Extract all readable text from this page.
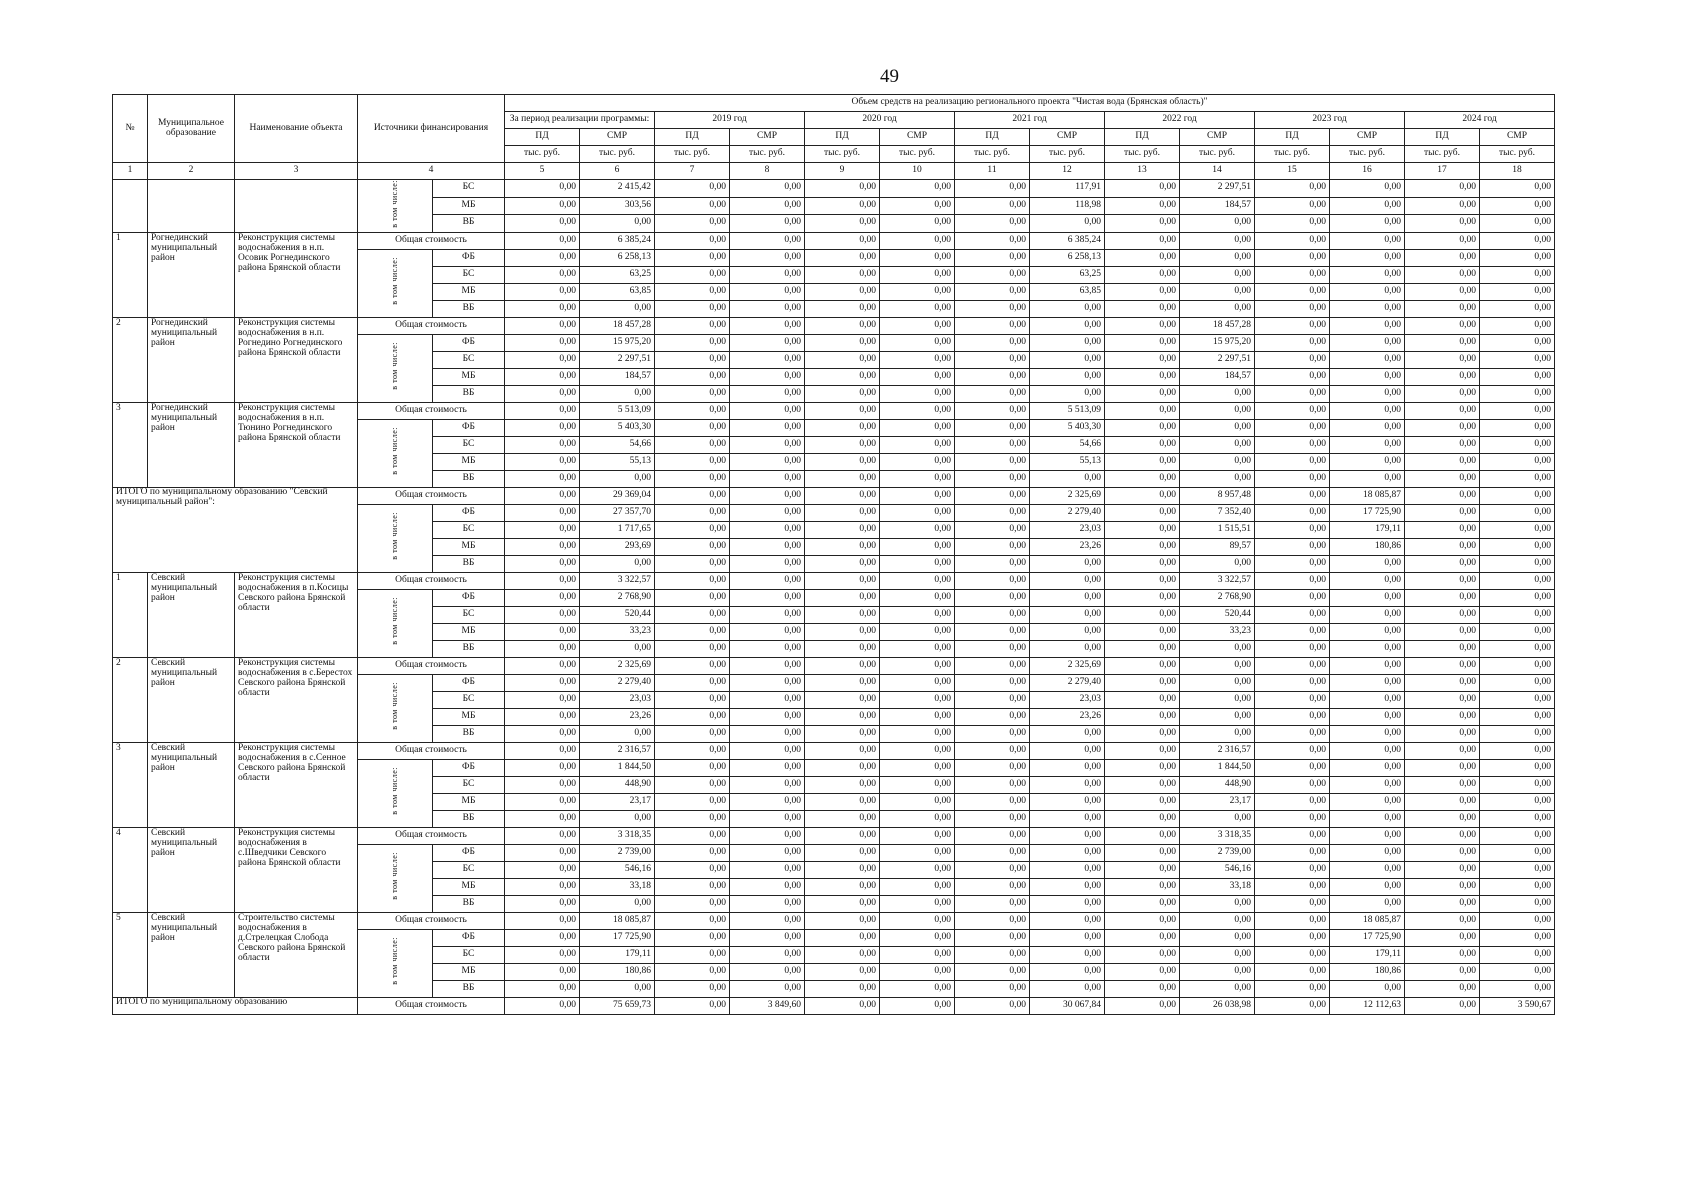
49
№	Муниципальное образование	Наименование объекта	Источники финансирования		Объем средств на реализацию регионального проекта "Чистая вода (Брянская область)"													
					За период реализации программы:		2019 год		2020 год		2021 год		2022 год		2023 год		2024 год	
					ПД	СМР	ПД	СМР	ПД	СМР	ПД	СМР	ПД	СМР	ПД	СМР	ПД	СМР
					тыс. руб.	тыс. руб.	тыс. руб.	тыс. руб.	тыс. руб.	тыс. руб.	тыс. руб.	тыс. руб.	тыс. руб.	тыс. руб.	тыс. руб.	тыс. руб.	тыс. руб.	тыс. руб.
1	2	3	4		5	6	7	8	9	10	11	12	13	14	15	16	17	18
			в том числе:	БС	0,00	2 415,42	0,00	0,00	0,00	0,00	0,00	117,91	0,00	2 297,51	0,00	0,00	0,00	0,00
				МБ	0,00	303,56	0,00	0,00	0,00	0,00	0,00	118,98	0,00	184,57	0,00	0,00	0,00	0,00
				ВБ	0,00	0,00	0,00	0,00	0,00	0,00	0,00	0,00	0,00	0,00	0,00	0,00	0,00	0,00
1	Рогнединский муниципальный район	Реконструкция системы водоснабжения в н.п. Осовик Рогнединского района Брянской области	Общая стоимость		0,00	6 385,24	0,00	0,00	0,00	0,00	0,00	6 385,24	0,00	0,00	0,00	0,00	0,00	0,00
			в том числе:	ФБ	0,00	6 258,13	0,00	0,00	0,00	0,00	0,00	6 258,13	0,00	0,00	0,00	0,00	0,00	0,00
				БС	0,00	63,25	0,00	0,00	0,00	0,00	0,00	63,25	0,00	0,00	0,00	0,00	0,00	0,00
				МБ	0,00	63,85	0,00	0,00	0,00	0,00	0,00	63,85	0,00	0,00	0,00	0,00	0,00	0,00
				ВБ	0,00	0,00	0,00	0,00	0,00	0,00	0,00	0,00	0,00	0,00	0,00	0,00	0,00	0,00
2	Рогнединский муниципальный район	Реконструкция системы водоснабжения в н.п. Рогнедино Рогнединского района Брянской области	Общая стоимость		0,00	18 457,28	0,00	0,00	0,00	0,00	0,00	0,00	0,00	18 457,28	0,00	0,00	0,00	0,00
			в том числе:	ФБ	0,00	15 975,20	0,00	0,00	0,00	0,00	0,00	0,00	0,00	15 975,20	0,00	0,00	0,00	0,00
				БС	0,00	2 297,51	0,00	0,00	0,00	0,00	0,00	0,00	0,00	2 297,51	0,00	0,00	0,00	0,00
				МБ	0,00	184,57	0,00	0,00	0,00	0,00	0,00	0,00	0,00	184,57	0,00	0,00	0,00	0,00
				ВБ	0,00	0,00	0,00	0,00	0,00	0,00	0,00	0,00	0,00	0,00	0,00	0,00	0,00	0,00
3	Рогнединский муниципальный район	Реконструкция системы водоснабжения в н.п. Тюнино Рогнединского района Брянской области	Общая стоимость		0,00	5 513,09	0,00	0,00	0,00	0,00	0,00	5 513,09	0,00	0,00	0,00	0,00	0,00	0,00
			в том числе:	ФБ	0,00	5 403,30	0,00	0,00	0,00	0,00	0,00	5 403,30	0,00	0,00	0,00	0,00	0,00	0,00
				БС	0,00	54,66	0,00	0,00	0,00	0,00	0,00	54,66	0,00	0,00	0,00	0,00	0,00	0,00
				МБ	0,00	55,13	0,00	0,00	0,00	0,00	0,00	55,13	0,00	0,00	0,00	0,00	0,00	0,00
				ВБ	0,00	0,00	0,00	0,00	0,00	0,00	0,00	0,00	0,00	0,00	0,00	0,00	0,00	0,00
ИТОГО по муниципальному образованию "Севский муниципальный район":			Общая стоимость		0,00	29 369,04	0,00	0,00	0,00	0,00	0,00	2 325,69	0,00	8 957,48	0,00	18 085,87	0,00	0,00
			в том числе:	ФБ	0,00	27 357,70	0,00	0,00	0,00	0,00	0,00	2 279,40	0,00	7 352,40	0,00	17 725,90	0,00	0,00
				БС	0,00	1 717,65	0,00	0,00	0,00	0,00	0,00	23,03	0,00	1 515,51	0,00	179,11	0,00	0,00
				МБ	0,00	293,69	0,00	0,00	0,00	0,00	0,00	23,26	0,00	89,57	0,00	180,86	0,00	0,00
				ВБ	0,00	0,00	0,00	0,00	0,00	0,00	0,00	0,00	0,00	0,00	0,00	0,00	0,00	0,00
1	Севский муниципальный район	Реконструкция системы водоснабжения в п.Косицы Севского района Брянской области	Общая стоимость		0,00	3 322,57	0,00	0,00	0,00	0,00	0,00	0,00	0,00	3 322,57	0,00	0,00	0,00	0,00
			в том числе:	ФБ	0,00	2 768,90	0,00	0,00	0,00	0,00	0,00	0,00	0,00	2 768,90	0,00	0,00	0,00	0,00
				БС	0,00	520,44	0,00	0,00	0,00	0,00	0,00	0,00	0,00	520,44	0,00	0,00	0,00	0,00
				МБ	0,00	33,23	0,00	0,00	0,00	0,00	0,00	0,00	0,00	33,23	0,00	0,00	0,00	0,00
				ВБ	0,00	0,00	0,00	0,00	0,00	0,00	0,00	0,00	0,00	0,00	0,00	0,00	0,00	0,00
2	Севский муниципальный район	Реконструкция системы водоснабжения в с.Берестох Севского района Брянской области	Общая стоимость		0,00	2 325,69	0,00	0,00	0,00	0,00	0,00	2 325,69	0,00	0,00	0,00	0,00	0,00	0,00
			в том числе:	ФБ	0,00	2 279,40	0,00	0,00	0,00	0,00	0,00	2 279,40	0,00	0,00	0,00	0,00	0,00	0,00
				БС	0,00	23,03	0,00	0,00	0,00	0,00	0,00	23,03	0,00	0,00	0,00	0,00	0,00	0,00
				МБ	0,00	23,26	0,00	0,00	0,00	0,00	0,00	23,26	0,00	0,00	0,00	0,00	0,00	0,00
				ВБ	0,00	0,00	0,00	0,00	0,00	0,00	0,00	0,00	0,00	0,00	0,00	0,00	0,00	0,00
3	Севский муниципальный район	Реконструкция системы водоснабжения в с.Сенное Севского района Брянской области	Общая стоимость		0,00	2 316,57	0,00	0,00	0,00	0,00	0,00	0,00	0,00	2 316,57	0,00	0,00	0,00	0,00
			в том числе:	ФБ	0,00	1 844,50	0,00	0,00	0,00	0,00	0,00	0,00	0,00	1 844,50	0,00	0,00	0,00	0,00
				БС	0,00	448,90	0,00	0,00	0,00	0,00	0,00	0,00	0,00	448,90	0,00	0,00	0,00	0,00
				МБ	0,00	23,17	0,00	0,00	0,00	0,00	0,00	0,00	0,00	23,17	0,00	0,00	0,00	0,00
				ВБ	0,00	0,00	0,00	0,00	0,00	0,00	0,00	0,00	0,00	0,00	0,00	0,00	0,00	0,00
4	Севский муниципальный район	Реконструкция системы водоснабжения в с.Шведчики Севского района Брянской области	Общая стоимость		0,00	3 318,35	0,00	0,00	0,00	0,00	0,00	0,00	0,00	3 318,35	0,00	0,00	0,00	0,00
			в том числе:	ФБ	0,00	2 739,00	0,00	0,00	0,00	0,00	0,00	0,00	0,00	2 739,00	0,00	0,00	0,00	0,00
				БС	0,00	546,16	0,00	0,00	0,00	0,00	0,00	0,00	0,00	546,16	0,00	0,00	0,00	0,00
				МБ	0,00	33,18	0,00	0,00	0,00	0,00	0,00	0,00	0,00	33,18	0,00	0,00	0,00	0,00
				ВБ	0,00	0,00	0,00	0,00	0,00	0,00	0,00	0,00	0,00	0,00	0,00	0,00	0,00	0,00
5	Севский муниципальный район	Строительство системы водоснабжения в д.Стрелецкая Слобода Севского района Брянской области	Общая стоимость		0,00	18 085,87	0,00	0,00	0,00	0,00	0,00	0,00	0,00	0,00	0,00	18 085,87	0,00	0,00
			в том числе:	ФБ	0,00	17 725,90	0,00	0,00	0,00	0,00	0,00	0,00	0,00	0,00	0,00	17 725,90	0,00	0,00
				БС	0,00	179,11	0,00	0,00	0,00	0,00	0,00	0,00	0,00	0,00	0,00	179,11	0,00	0,00
				МБ	0,00	180,86	0,00	0,00	0,00	0,00	0,00	0,00	0,00	0,00	0,00	180,86	0,00	0,00
				ВБ	0,00	0,00	0,00	0,00	0,00	0,00	0,00	0,00	0,00	0,00	0,00	0,00	0,00	0,00
ИТОГО по муниципальному образованию			Общая стоимость		0,00	75 659,73	0,00	3 849,60	0,00	0,00	0,00	30 067,84	0,00	26 038,98	0,00	12 112,63	0,00	3 590,67
